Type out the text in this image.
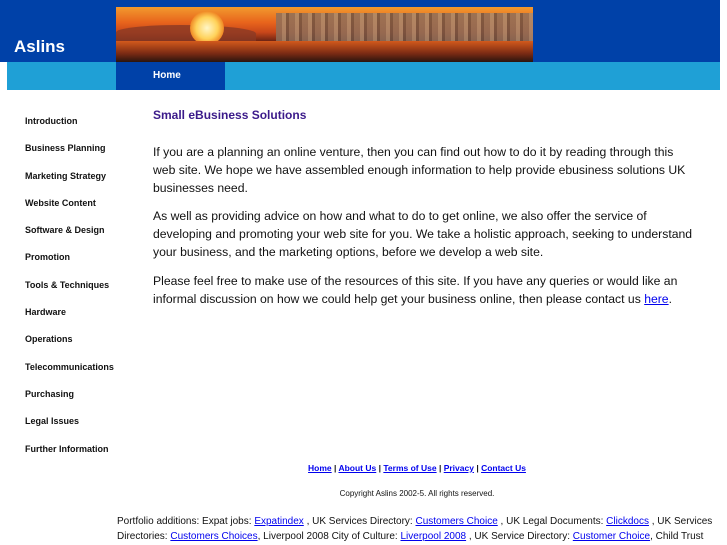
Aslins
Home
Introduction
Business Planning
Marketing Strategy
Website Content
Software & Design
Promotion
Tools & Techniques
Hardware
Operations
Telecommunications
Purchasing
Legal Issues
Further Information
Small eBusiness Solutions

If you are a planning an online venture, then you can find out how to do it by reading through this web site. We hope we have assembled enough information to help provide ebusiness solutions UK businesses need.

As well as providing advice on how and what to do to get online, we also offer the service of developing and promoting your web site for you. We take a holistic approach, seeking to understand your business, and the marketing options, before we develop a web site.

Please feel free to make use of the resources of this site. If you have any queries or would like an informal discussion on how we could help get your business online, then please contact us here.

Home | About Us | Terms of Use | Privacy | Contact Us
Copyright Aslins 2002-5. All rights reserved.
Portfolio additions: Expat jobs: Expatindex , UK Services Directory: Customers Choice , UK Legal Documents: Clickdocs , UK Services Directories: Customers Choices, Liverpool 2008 City of Culture: Liverpool 2008 , UK Service Directory: Customer Choice, Child Trust
